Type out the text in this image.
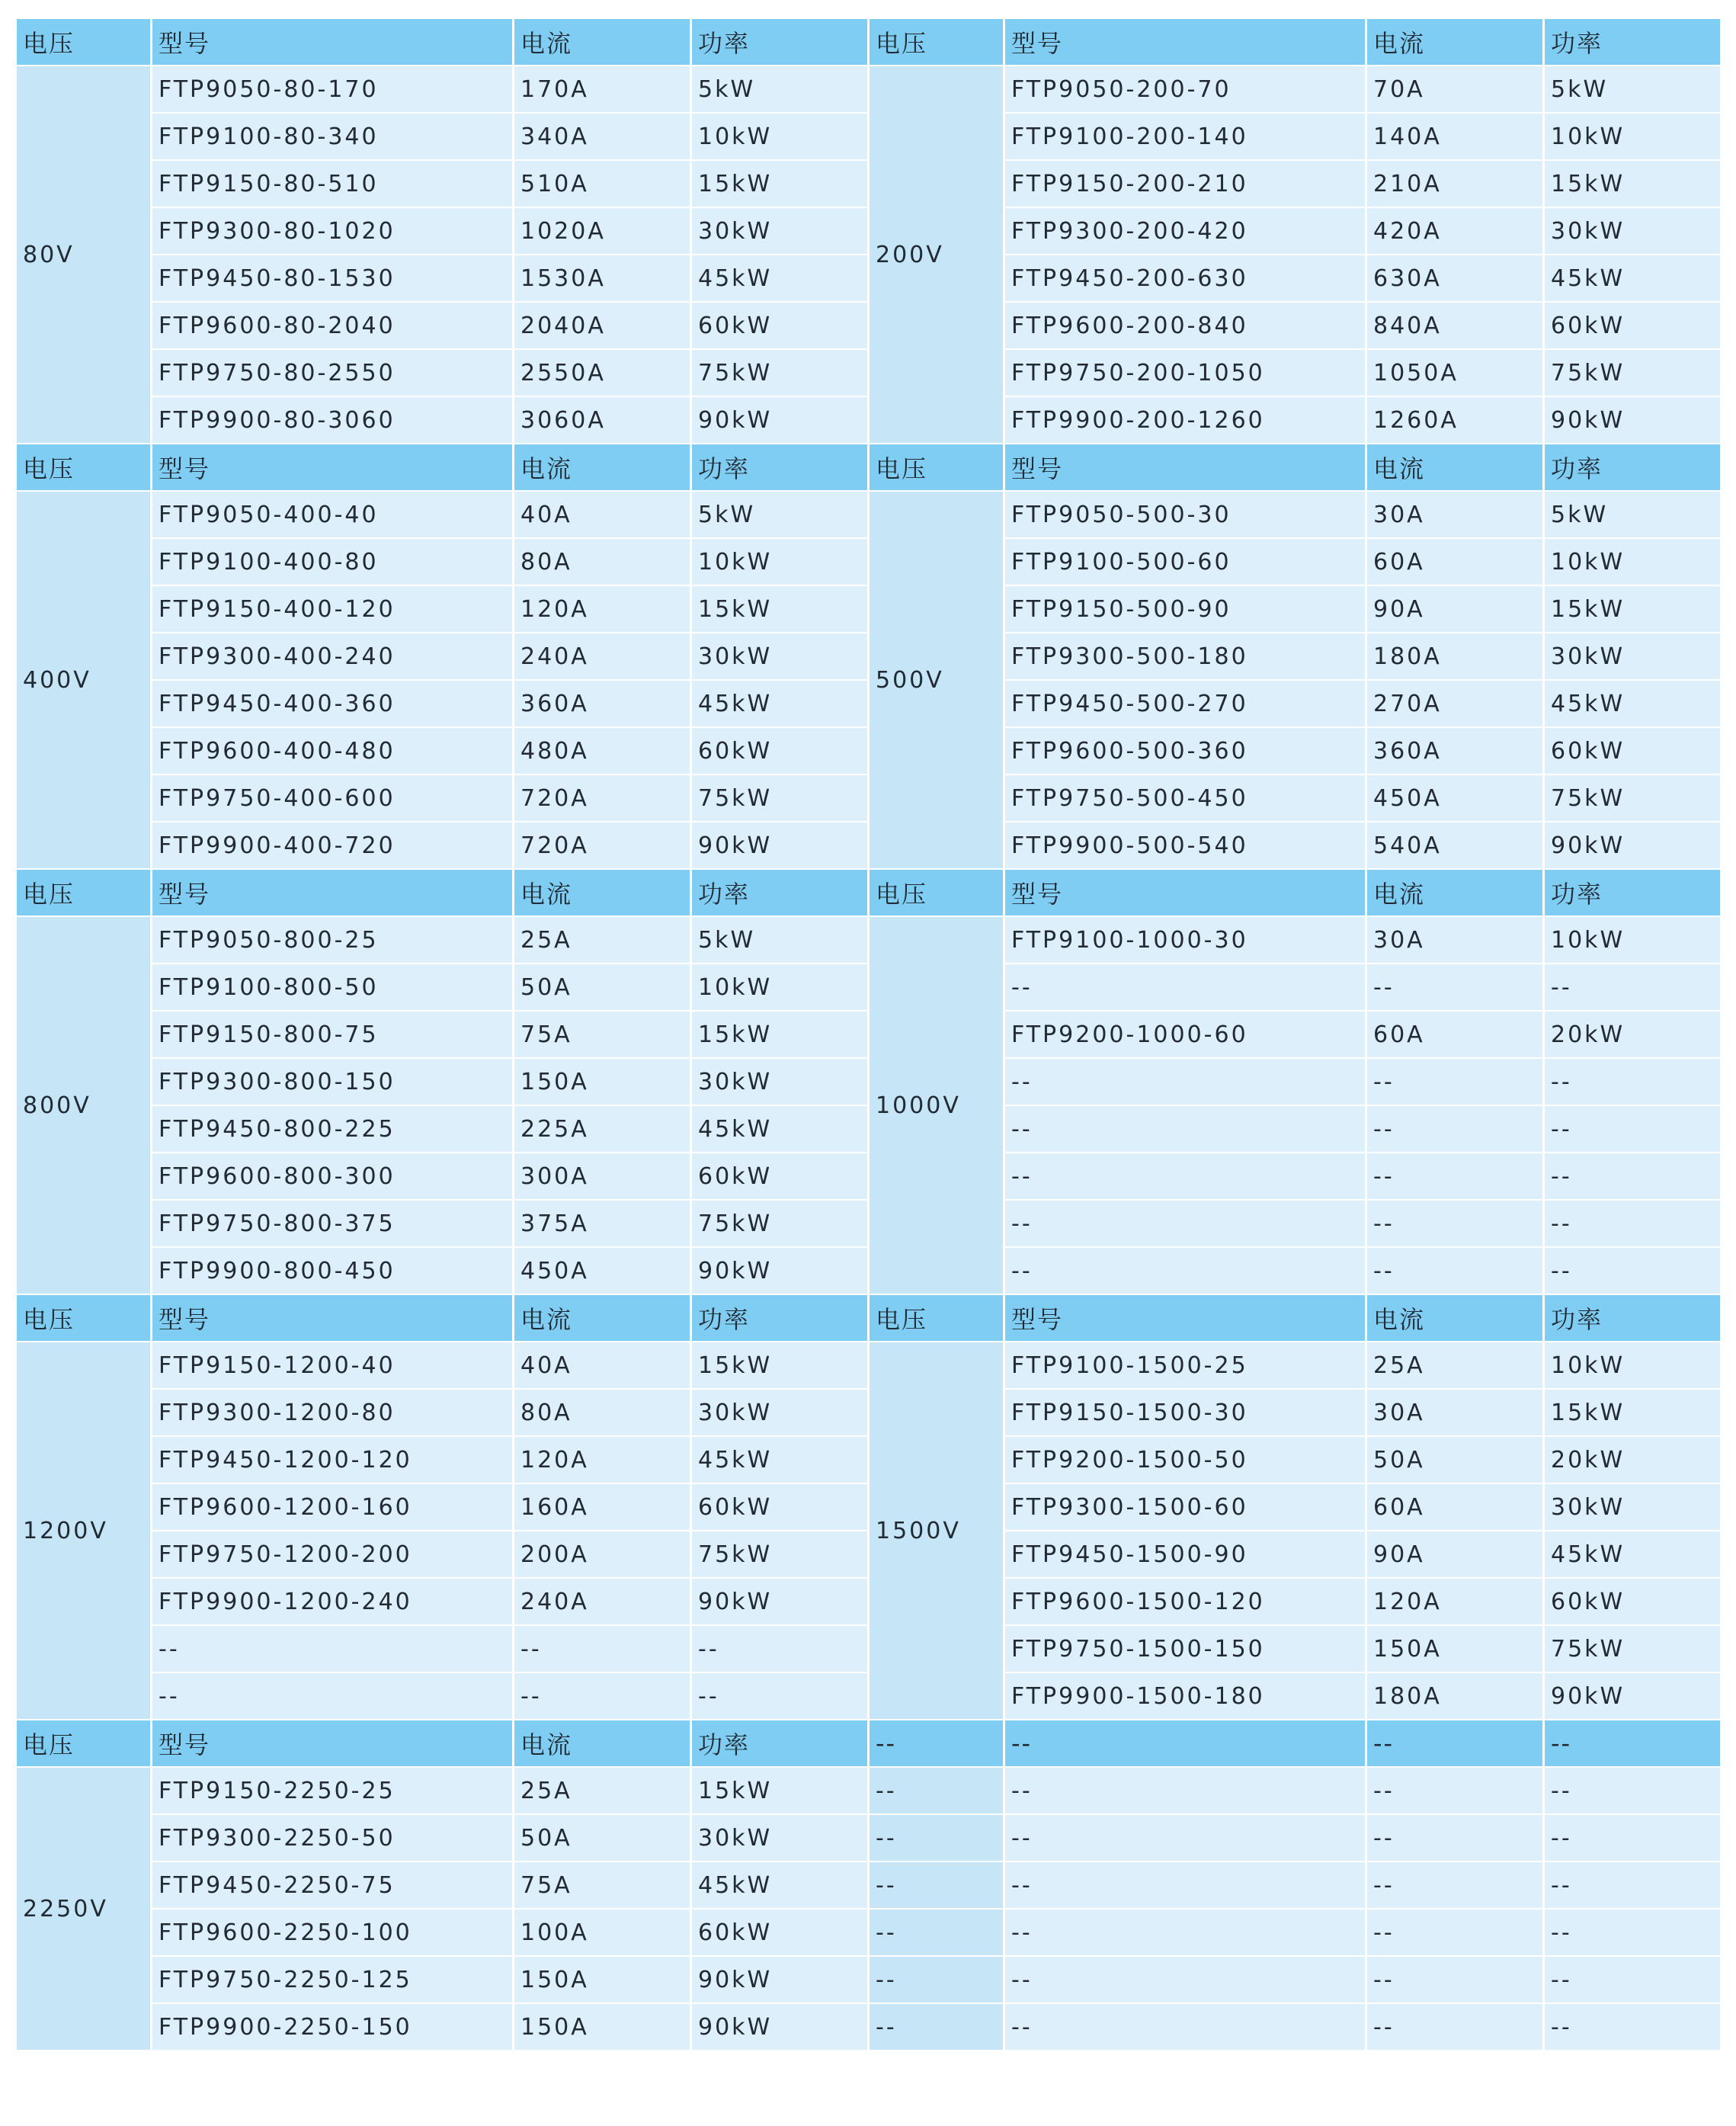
电压	型号	电流	功率	电压	型号	电流	功率
80V	FTP9050-80-170	170A	5kW	200V	FTP9050-200-70	70A	5kW
	FTP9100-80-340	340A	10kW		FTP9100-200-140	140A	10kW
	FTP9150-80-510	510A	15kW		FTP9150-200-210	210A	15kW
	FTP9300-80-1020	1020A	30kW		FTP9300-200-420	420A	30kW
	FTP9450-80-1530	1530A	45kW		FTP9450-200-630	630A	45kW
	FTP9600-80-2040	2040A	60kW		FTP9600-200-840	840A	60kW
	FTP9750-80-2550	2550A	75kW		FTP9750-200-1050	1050A	75kW
	FTP9900-80-3060	3060A	90kW		FTP9900-200-1260	1260A	90kW
电压	型号	电流	功率	电压	型号	电流	功率
400V	FTP9050-400-40	40A	5kW	500V	FTP9050-500-30	30A	5kW
	FTP9100-400-80	80A	10kW		FTP9100-500-60	60A	10kW
	FTP9150-400-120	120A	15kW		FTP9150-500-90	90A	15kW
	FTP9300-400-240	240A	30kW		FTP9300-500-180	180A	30kW
	FTP9450-400-360	360A	45kW		FTP9450-500-270	270A	45kW
	FTP9600-400-480	480A	60kW		FTP9600-500-360	360A	60kW
	FTP9750-400-600	720A	75kW		FTP9750-500-450	450A	75kW
	FTP9900-400-720	720A	90kW		FTP9900-500-540	540A	90kW
电压	型号	电流	功率	电压	型号	电流	功率
800V	FTP9050-800-25	25A	5kW	1000V	FTP9100-1000-30	30A	10kW
	FTP9100-800-50	50A	10kW		--	--	--
	FTP9150-800-75	75A	15kW		FTP9200-1000-60	60A	20kW
	FTP9300-800-150	150A	30kW		--	--	--
	FTP9450-800-225	225A	45kW		--	--	--
	FTP9600-800-300	300A	60kW		--	--	--
	FTP9750-800-375	375A	75kW		--	--	--
	FTP9900-800-450	450A	90kW		--	--	--
电压	型号	电流	功率	电压	型号	电流	功率
1200V	FTP9150-1200-40	40A	15kW	1500V	FTP9100-1500-25	25A	10kW
	FTP9300-1200-80	80A	30kW		FTP9150-1500-30	30A	15kW
	FTP9450-1200-120	120A	45kW		FTP9200-1500-50	50A	20kW
	FTP9600-1200-160	160A	60kW		FTP9300-1500-60	60A	30kW
	FTP9750-1200-200	200A	75kW		FTP9450-1500-90	90A	45kW
	FTP9900-1200-240	240A	90kW		FTP9600-1500-120	120A	60kW
	--	--	--		FTP9750-1500-150	150A	75kW
	--	--	--		FTP9900-1500-180	180A	90kW
电压	型号	电流	功率	--	--	--	--
2250V	FTP9150-2250-25	25A	15kW	--	--	--	--
	FTP9300-2250-50	50A	30kW	--	--	--	--
	FTP9450-2250-75	75A	45kW	--	--	--	--
	FTP9600-2250-100	100A	60kW	--	--	--	--
	FTP9750-2250-125	150A	90kW	--	--	--	--
	FTP9900-2250-150	150A	90kW	--	--	--	--
